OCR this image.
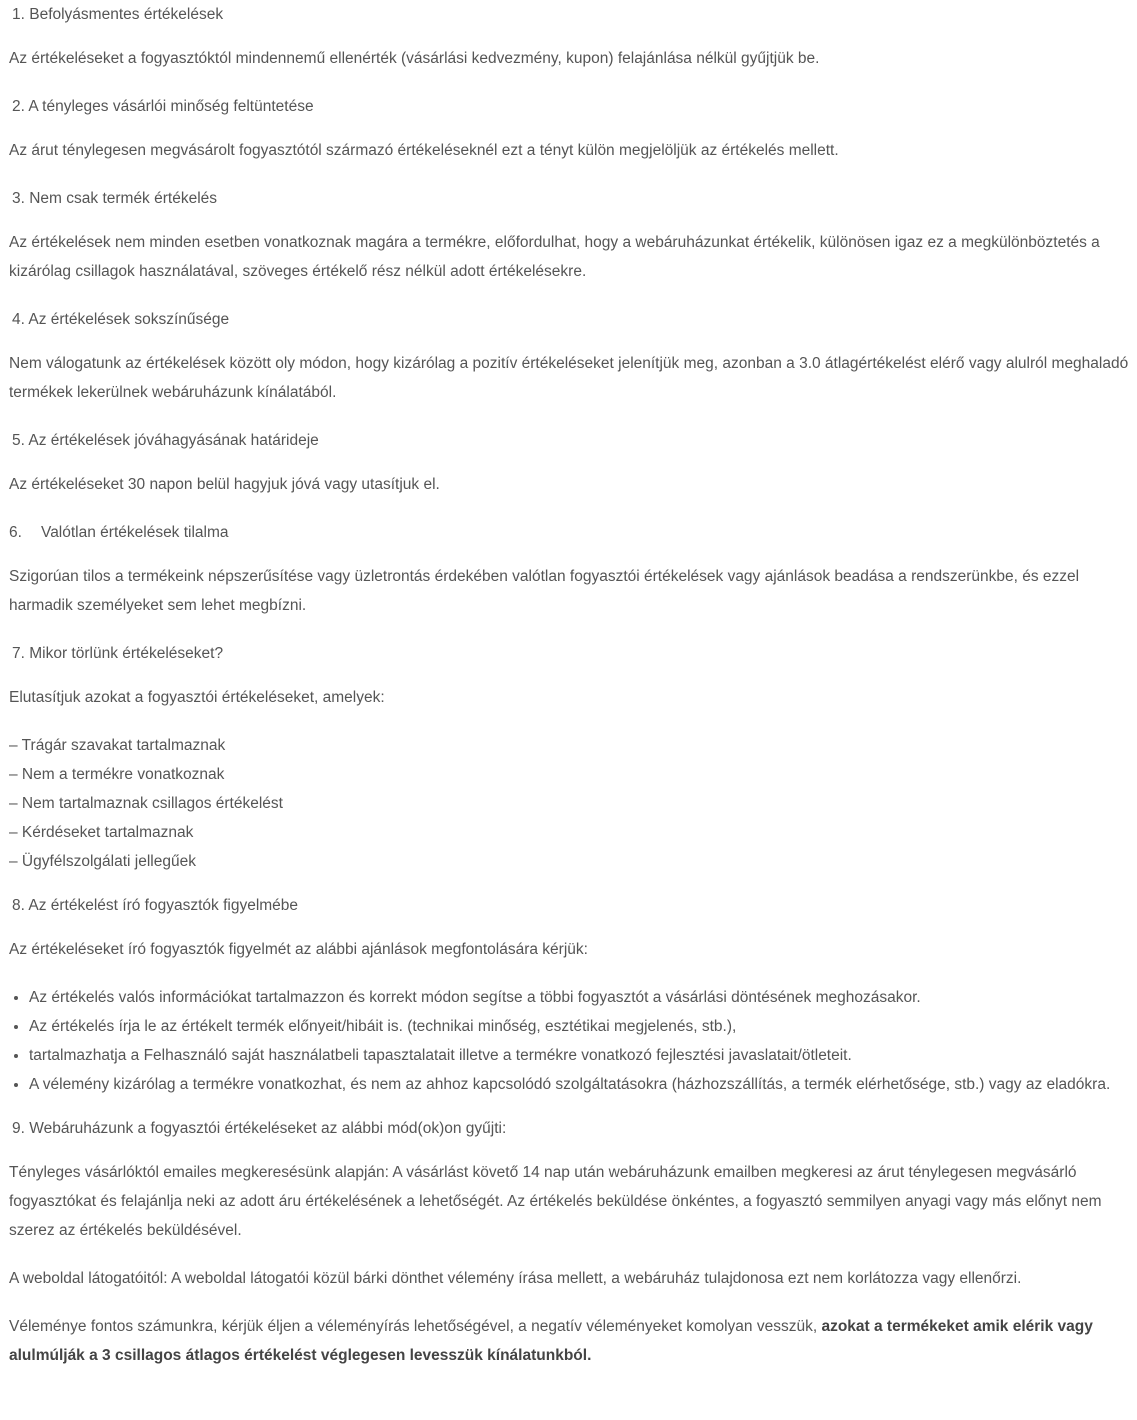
1. Befolyásmentes értékelések

Az értékeléseket a fogyasztóktól mindennemű ellenérték (vásárlási kedvezmény, kupon) felajánlása nélkül gyűjtjük be.

2. A tényleges vásárlói minőség feltüntetése

Az árut ténylegesen megvásárolt fogyasztótól származó értékeléseknél ezt a tényt külön megjelöljük az értékelés mellett.

3. Nem csak termék értékelés

Az értékelések nem minden esetben vonatkoznak magára a termékre, előfordulhat, hogy a webáruházunkat értékelik, különösen igaz ez a megkülönböztetés a kizárólag csillagok használatával, szöveges értékelő rész nélkül adott értékelésekre.

4. Az értékelések sokszínűsége

Nem válogatunk az értékelések között oly módon, hogy kizárólag a pozitív értékeléseket jelenítjük meg, azonban a 3.0 átlagértékelést elérő vagy alulról meghaladó termékek lekerülnek webáruházunk kínálatából.

5. Az értékelések jóváhagyásának határideje

Az értékeléseket 30 napon belül hagyjuk jóvá vagy utasítjuk el.

6. Valótlan értékelések tilalma

Szigorúan tilos a termékeink népszerűsítése vagy üzletrontás érdekében valótlan fogyasztói értékelések vagy ajánlások beadása a rendszerünkbe, és ezzel harmadik személyeket sem lehet megbízni.

7. Mikor törlünk értékeléseket?

Elutasítjuk azokat a fogyasztói értékeléseket, amelyek:

– Trágár szavakat tartalmaznak
– Nem a termékre vonatkoznak
– Nem tartalmaznak csillagos értékelést
– Kérdéseket tartalmaznak
– Ügyfélszolgálati jellegűek

8. Az értékelést író fogyasztók figyelmébe

Az értékeléseket író fogyasztók figyelmét az alábbi ajánlások megfontolására kérjük:

• Az értékelés valós információkat tartalmazzon és korrekt módon segítse a többi fogyasztót a vásárlási döntésének meghozásakor.
• Az értékelés írja le az értékelt termék előnyeit/hibáit is. (technikai minőség, esztétikai megjelenés, stb.),
• tartalmazhatja a Felhasználó saját használatbeli tapasztalatait illetve a termékre vonatkozó fejlesztési javaslatait/ötleteit.
• A vélemény kizárólag a termékre vonatkozhat, és nem az ahhoz kapcsolódó szolgáltatásokra (házhozszállítás, a termék elérhetősége, stb.) vagy az eladókra.

9. Webáruházunk a fogyasztói értékeléseket az alábbi mód(ok)on gyűjti:

Tényleges vásárlóktól emailes megkeresésünk alapján: A vásárlást követő 14 nap után webáruházunk emailben megkeresi az árut ténylegesen megvásárló fogyasztókat és felajánlja neki az adott áru értékelésének a lehetőségét. Az értékelés beküldése önkéntes, a fogyasztó semmilyen anyagi vagy más előnyt nem szerez az értékelés beküldésével.

A weboldal látogatóitól: A weboldal látogatói közül bárki dönthet vélemény írása mellett, a webáruház tulajdonosa ezt nem korlátozza vagy ellenőrzi.

Véleménye fontos számunkra, kérjük éljen a véleményírás lehetőségével, a negatív véleményeket komolyan vesszük, azokat a termékeket amik elérik vagy alulmúlják a 3 csillagos átlagos értékelést véglegesen levesszük kínálatunkból.
